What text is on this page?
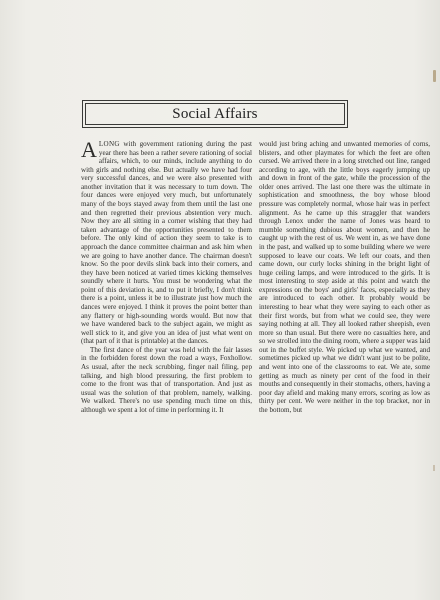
Social Affairs

ALONG with government rationing during the past year there has been a rather severe rationing of social affairs, which, to our minds, include anything to do with girls and nothing else. But actually we have had four very successful dances, and we were also presented with another invitation that it was necessary to turn down. The four dances were enjoyed very much, but unfortunately many of the boys stayed away from them until the last one and then regretted their previous abstention very much. Now they are all sitting in a corner wishing that they had taken advantage of the opportunities presented to them before. The only kind of action they seem to take is to approach the dance committee chairman and ask him when we are going to have another dance. The chairman doesn't know. So the poor devils slink back into their corners, and they have been noticed at varied times kicking themselves soundly where it hurts. You must be wondering what the point of this deviation is, and to put it briefly, I don't think there is a point, unless it be to illustrate just how much the dances were enjoyed. I think it proves the point better than any flattery or high-sounding words would. But now that we have wandered back to the subject again, we might as well stick to it, and give you an idea of just what went on (that part of it that is printable) at the dances.

The first dance of the year was held with the fair lasses in the forbidden forest down the road a ways, Foxhollow. As usual, after the neck scrubbing, finger nail filing, pep talking, and high blood pressuring, the first problem to come to the front was that of transportation. And just as usual was the solution of that problem, namely, walking. We walked. There's no use spending much time on this, although we spent a lot of time in performing it. It

would just bring aching and unwanted memories of corns, blisters, and other playmates for which the feet are often cursed. We arrived there in a long stretched out line, ranged according to age, with the little boys eagerly jumping up and down in front of the gate, while the procession of the older ones arrived. The last one there was the ultimate in sophistication and smoothness, the boy whose blood pressure was completely normal, whose hair was in perfect alignment. As he came up this straggler that wanders through Lenox under the name of Jones was heard to mumble something dubious about women, and then he caught up with the rest of us. We went in, as we have done in the past, and walked up to some building where we were supposed to leave our coats. We left our coats, and then came down, our curly locks shining in the bright light of huge ceiling lamps, and were introduced to the girls. It is most interesting to step aside at this point and watch the expressions on the boys' and girls' faces, especially as they are introduced to each other. It probably would be interesting to hear what they were saying to each other as their first words, but from what we could see, they were saying nothing at all. They all looked rather sheepish, even more so than usual. But there were no casualties here, and so we strolled into the dining room, where a supper was laid out in the buffet style. We picked up what we wanted, and sometimes picked up what we didn't want just to be polite, and went into one of the classrooms to eat. We ate, some getting as much as ninety per cent of the food in their mouths and consequently in their stomachs, others, having a poor day afield and making many errors, scoring as low as thirty per cent. We were neither in the top bracket, nor in the bottom, but
